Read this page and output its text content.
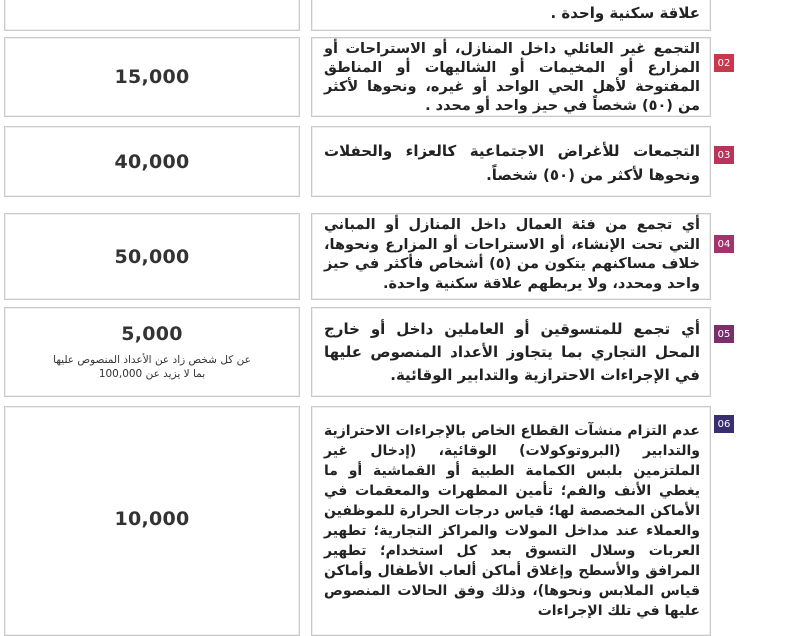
علاقة سكنية واحدة .
15,000
التجمع غير العائلي داخل المنازل، أو الاستراحات أو المزارع أو المخيمات أو الشاليهات أو المناطق المفتوحة لأهل الحي الواحد أو غيره، ونحوها لأكثر من (٥٠) شخصاً في حيز واحد أو محدد .
02
40,000	التجمعات للأغراض الاجتماعية كالعزاء والحفلات ونحوها لأكثر من (٥٠) شخصاً.
03
50,000
أي تجمع من فئة العمال داخل المنازل أو المباني التي تحت الإنشاء، أو الاستراحات أو المزارع ونحوها، خلاف مساكنهم يتكون من (٥) أشخاص فأكثر في حيز واحد ومحدد، ولا يربطهم علاقة سكنية واحدة.
04
5,000
عن كل شخص زاد عن الأعداد المنصوص عليها بما لا يزيد عن 100,000
أي تجمع للمتسوقين أو العاملين داخل أو خارج المحل التجاري بما يتجاوز الأعداد المنصوص عليها في الإجراءات الاحترازية والتدابير الوقائية.
05
10,000
عدم التزام منشآت القطاع الخاص بالإجراءات الاحترازية والتدابير (البروتوكولات) الوقائية، (إدخال غير الملتزمين بلبس الكمامة الطبية أو القماشية أو ما يغطي الأنف والفم؛ تأمين المطهرات والمعقمات في الأماكن المخصصة لها؛ قياس درجات الحرارة للموظفين والعملاء عند مداخل المولات والمراكز التجارية؛ تطهير العربات وسلال التسوق بعد كل استخدام؛ تطهير المرافق والأسطح وإغلاق أماكن ألعاب الأطفال وأماكن قياس الملابس ونحوها)، وذلك وفق الحالات المنصوص عليها في تلك الإجراءات
06
